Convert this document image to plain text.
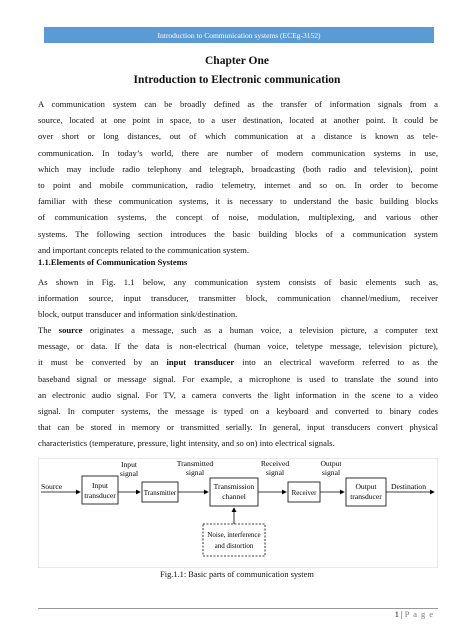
Introduction to Communication systems (ECEg-3152)
Chapter One
Introduction to Electronic communication
A communication system can be broadly defined as the transfer of information signals from a
source, located at one point in space, to a user destination, located at another point. It could be
over short or long distances, out of which communication at a distance is known as tele-
communication. In today’s world, there are number of modern communication systems in use,
which may include radio telephony and telegraph, broadcasting (both radio and television), point
to point and mobile communication, radio telemetry, internet and so on. In order to become
familiar with these communication systems, it is necessary to understand the basic building blocks
of communication systems, the concept of noise, modulation, multiplexing, and various other
systems. The following section introduces the basic building blocks of a communication system
and important concepts related to the communication system.
1.1.Elements of Communication Systems
As shown in Fig. 1.1 below, any communication system consists of basic elements such as,
information source, input transducer, transmitter block, communication channel/medium, receiver
block, output transducer and information sink/destination.
The source originates a message, such as a human voice, a television picture, a computer text
message, or data. If the data is non-electrical (human voice, teletype message, television picture),
it must be converted by an input transducer into an electrical waveform referred to as the
baseband signal or message signal. For example, a microphone is used to translate the sound into
an electronic audio signal. For TV, a camera converts the light information in the scene to a video
signal. In computer systems, the message is typed on a keyboard and converted to binary codes
that can be stored in memory or transmitted serially. In general, input transducers convert physical
characteristics (temperature, pressure, light intensity, and so on) into electrical signals.
Source	Input
transducer
Input
signal
Transmitter
Transmitted
signal
Transmission
channel
Received
signal
Receiver
Output
signal
Output
transducer
Destination
Noise, interference
and distortion
Fig.1.1: Basic parts of communication system
1 | P a g e
